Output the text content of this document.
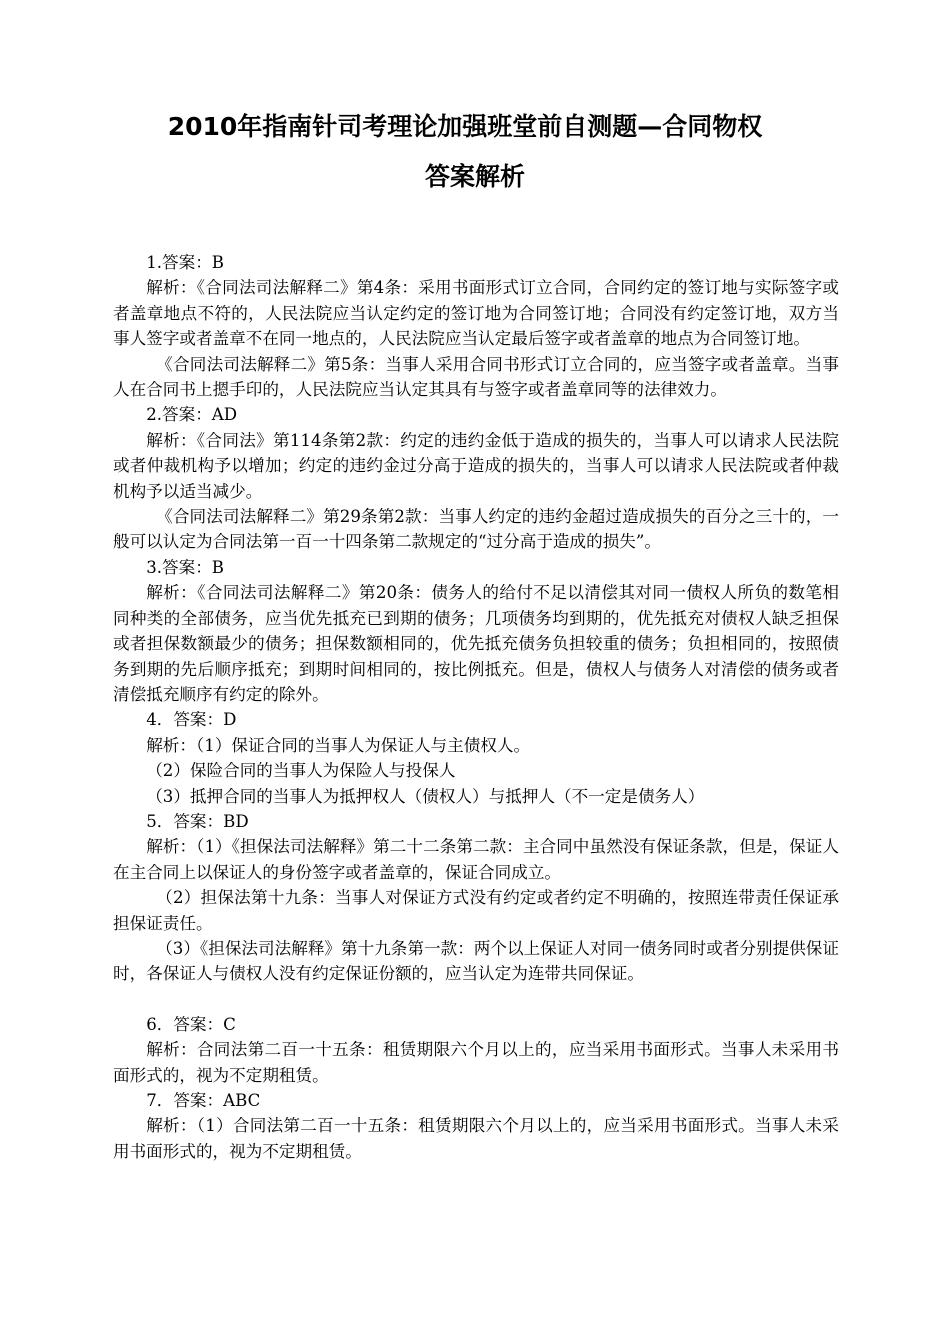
2010年指南针司考理论加强班堂前自测题—合同物权
答案解析

1.答案：B

解析：《合同法司法解释二》第4条：采用书面形式订立合同，合同约定的签订地与实际签字或者盖章地点不符的，人民法院应当认定约定的签订地为合同签订地；合同没有约定签订地，双方当事人签字或者盖章不在同一地点的，人民法院应当认定最后签字或者盖章的地点为合同签订地。

《合同法司法解释二》第5条：当事人采用合同书形式订立合同的，应当签字或者盖章。当事人在合同书上摁手印的，人民法院应当认定其具有与签字或者盖章同等的法律效力。

2.答案：AD

解析：《合同法》第114条第2款：约定的违约金低于造成的损失的，当事人可以请求人民法院或者仲裁机构予以增加；约定的违约金过分高于造成的损失的，当事人可以请求人民法院或者仲裁机构予以适当减少。

《合同法司法解释二》第29条第2款：当事人约定的违约金超过造成损失的百分之三十的，一般可以认定为合同法第一百一十四条第二款规定的“过分高于造成的损失”。

3.答案：B

解析：《合同法司法解释二》第20条：债务人的给付不足以清偿其对同一债权人所负的数笔相同种类的全部债务，应当优先抵充已到期的债务；几项债务均到期的，优先抵充对债权人缺乏担保或者担保数额最少的债务；担保数额相同的，优先抵充债务负担较重的债务；负担相同的，按照债务到期的先后顺序抵充；到期时间相同的，按比例抵充。但是，债权人与债务人对清偿的债务或者清偿抵充顺序有约定的除外。

4．答案：D

解析：（1）保证合同的当事人为保证人与主债权人。

（2）保险合同的当事人为保险人与投保人

（3）抵押合同的当事人为抵押权人（债权人）与抵押人（不一定是债务人）

5．答案：BD

解析：（1）《担保法司法解释》第二十二条第二款：主合同中虽然没有保证条款，但是，保证人在主合同上以保证人的身份签字或者盖章的，保证合同成立。

（2）担保法第十九条：当事人对保证方式没有约定或者约定不明确的，按照连带责任保证承担保证责任。

（3）《担保法司法解释》第十九条第一款：两个以上保证人对同一债务同时或者分别提供保证时，各保证人与债权人没有约定保证份额的，应当认定为连带共同保证。

6．答案：C

解析：合同法第二百一十五条：租赁期限六个月以上的，应当采用书面形式。当事人未采用书面形式的，视为不定期租赁。

7．答案：ABC

解析：（1）合同法第二百一十五条：租赁期限六个月以上的，应当采用书面形式。当事人未采用书面形式的，视为不定期租赁。
